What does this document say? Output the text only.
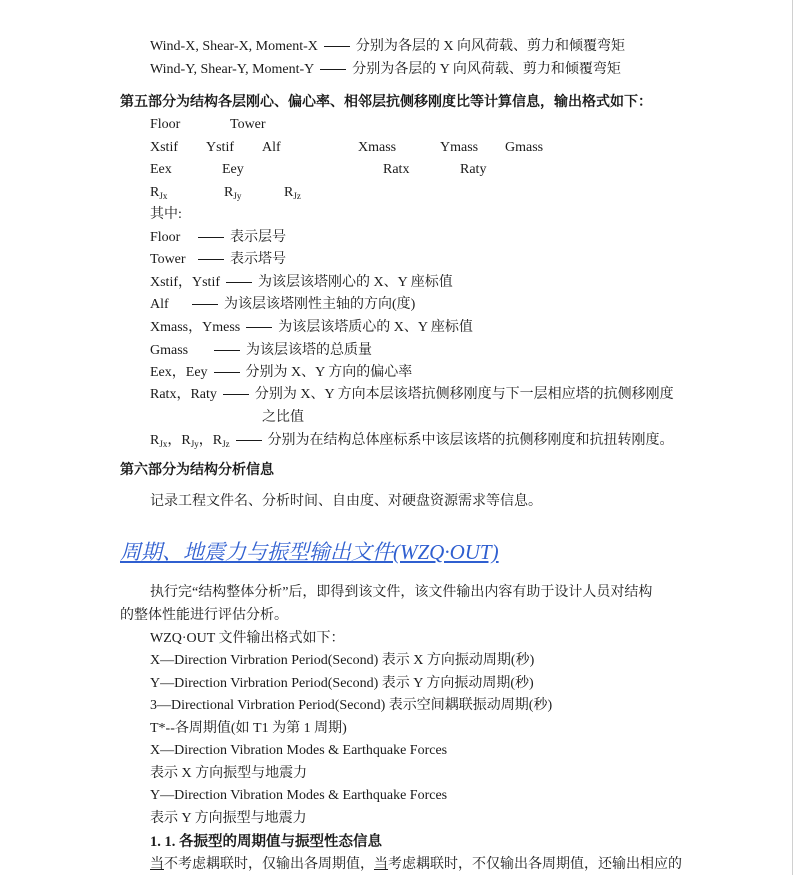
Wind-X, Shear-X, Moment-X	分别为各层的 X 向风荷载、剪力和倾覆弯矩
Wind-Y, Shear-Y, Moment-Y	分别为各层的 Y 向风荷载、剪力和倾覆弯矩
第五部分为结构各层刚心、偏心率、相邻层抗侧移刚度比等计算信息，输出格式如下：
Floor	Tower
Xstif Ystif Alf	Xmass	Ymass Gmass
Eex	Eey	Ratx	Raty
$R_{Jx}$	$R_{Jy}$	$R_{Jz}$
其中:
Floor	表示层号
Tower	表示塔号
Xstif，Ystif	为该层该塔刚心的 X、Y 座标值
Alf	为该层该塔刚性主轴的方向(度)
Xmass，Ymess	为该层该塔质心的 X、Y 座标值
Gmass	为该层该塔的总质量
Eex，Eey	分别为 X、Y 方向的偏心率
Ratx，Raty	分别为 X、Y 方向本层该塔抗侧移刚度与下一层相应塔的抗侧移刚度
之比值
$R_{Jx}$，$R_{Jy}$，$R_{Jz}$	分别为在结构总体座标系中该层该塔的抗侧移刚度和抗扭转刚度。
第六部分为结构分析信息
记录工程文件名、分析时间、自由度、对硬盘资源需求等信息。
周期、地震力与振型输出文件(WZQ·OUT)
执行完“结构整体分析”后，即得到该文件，该文件输出内容有助于设计人员对结构
的整体性能进行评估分析。
WZQ·OUT 文件输出格式如下：
X—Direction Virbration Period(Second) 表示 X 方向振动周期(秒)
Y—Direction Virbration Period(Second) 表示 Y 方向振动周期(秒)
3—Directional Virbration Period(Second) 表示空间耦联振动周期(秒)
T*--各周期值(如 T1 为第 1 周期)
X—Direction Vibration Modes & Earthquake Forces
表示 X 方向振型与地震力
Y—Direction Vibration Modes & Earthquake Forces
表示 Y 方向振型与地震力
1. 1. 各振型的周期值与振型性态信息
当不考虑耦联时，仅输出各周期值，当考虑耦联时，不仅输出各周期值，还输出相应的
